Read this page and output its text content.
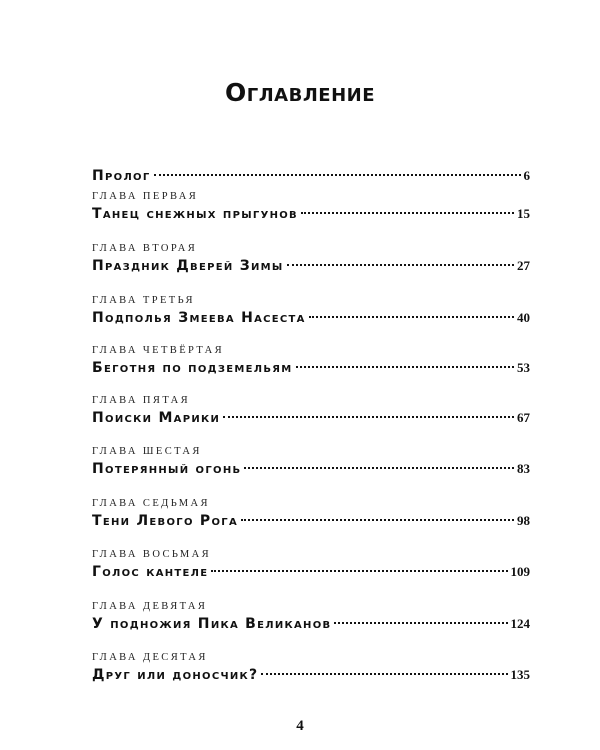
Оглавление
Пролог	6
ГЛАВА ПЕРВАЯ
Танец снежных прыгунов	15
ГЛАВА ВТОРАЯ
Праздник Дверей Зимы	27
ГЛАВА ТРЕТЬЯ
Подполья Змеева Насеста	40
ГЛАВА ЧЕТВЁРТАЯ
Беготня по подземельям	53
ГЛАВА ПЯТАЯ
Поиски Марики	67
ГЛАВА ШЕСТАЯ
Потерянный огонь	83
ГЛАВА СЕДЬМАЯ
Тени Левого Рога	98
ГЛАВА ВОСЬМАЯ
Голос кантеле	109
ГЛАВА ДЕВЯТАЯ
У подножия Пика Великанов	124
ГЛАВА ДЕСЯТАЯ
Друг или доносчик?	135
4
